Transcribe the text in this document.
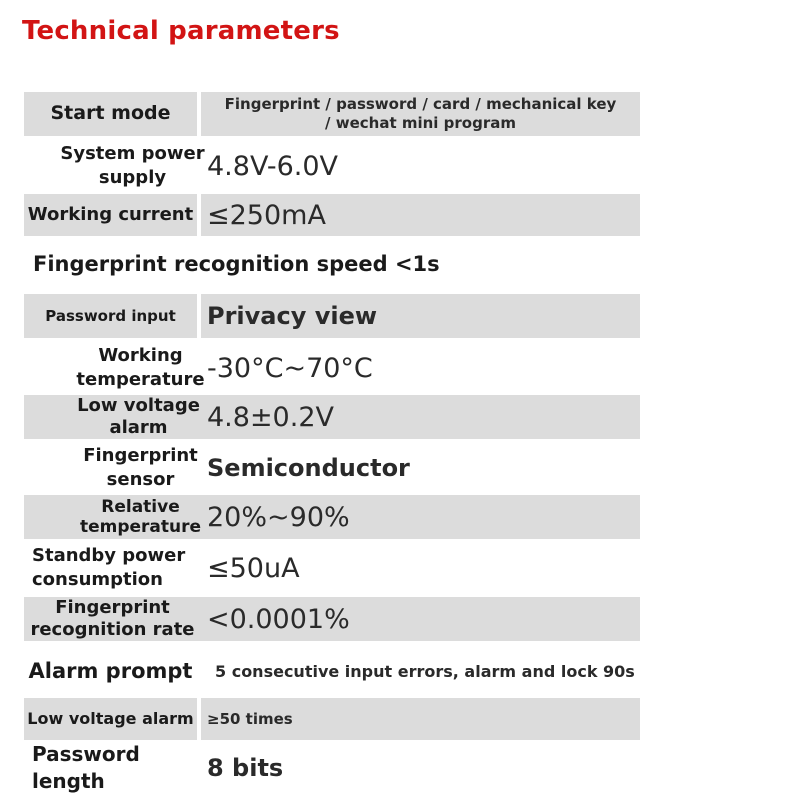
Technical parameters
Start mode	Fingerprint / password / card / mechanical key / wechat mini program
System power supply	4.8V-6.0V
Working current ≤250mA
Fingerprint recognition speed <1s
Password input	Privacy view
Working temperature -30°C~70°C
Low voltage alarm	4.8±0.2V
Fingerprint sensor	Semiconductor
Relative temperature 20%~90%
Standby power consumption	≤50uA
Fingerprint recognition rate <0.0001%
Alarm prompt	5 consecutive input errors, alarm and lock 90s
Low voltage alarm ≥50 times
Password length	8 bits
